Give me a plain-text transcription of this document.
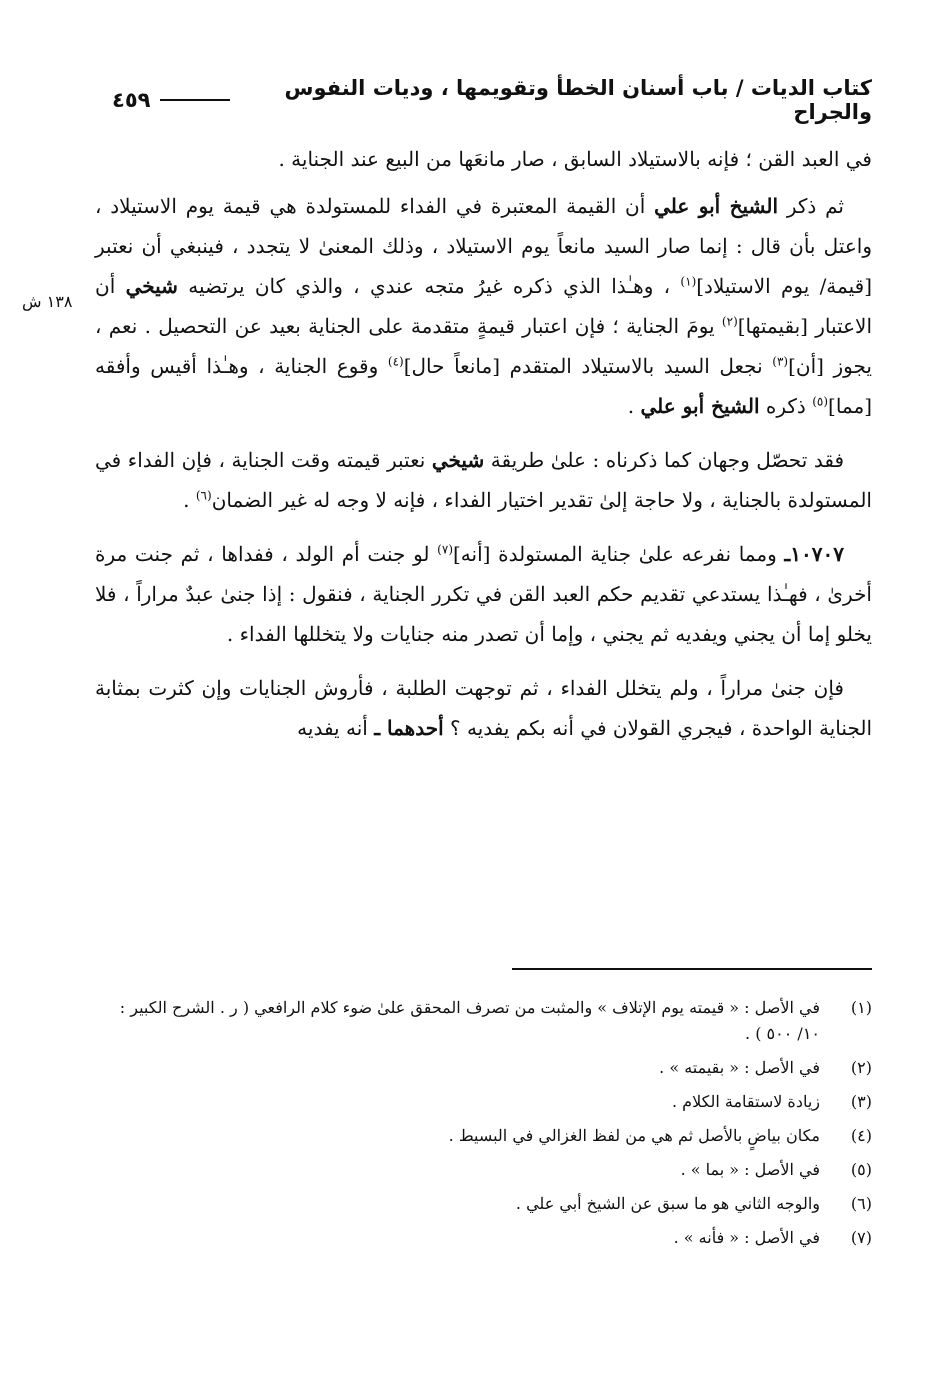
كتاب الديات / باب أسنان الخطأ وتقويمها ، وديات النفوس والجراح
٤٥٩
في العبد القن ؛ فإنه بالاستيلاد السابق ، صار مانعَها من البيع عند الجناية .
١٣٨ ش

ثم ذكر الشيخ أبو علي أن القيمة المعتبرة في الفداء للمستولدة هي قيمة يوم الاستيلاد ، واعتل بأن قال : إنما صار السيد مانعاً يوم الاستيلاد ، وذلك المعنىٰ لا يتجدد ، فينبغي أن نعتبر [قيمة/ يوم الاستيلاد]$^{(١)}$ ، وهـٰذا الذي ذكره غيرُ متجه عندي ، والذي كان يرتضيه شيخي أن الاعتبار [بقيمتها]$^{(٢)}$ يومَ الجناية ؛ فإن اعتبار قيمةٍ متقدمة على الجناية بعيد عن التحصيل . نعم ، يجوز [أن]$^{(٣)}$ نجعل السيد بالاستيلاد المتقدم [مانعاً حال]$^{(٤)}$ وقوع الجناية ، وهـٰذا أقيس وأفقه [مما]$^{(٥)}$ ذكره الشيخ أبو علي .

فقد تحصّل وجهان كما ذكرناه : علىٰ طريقة شيخي نعتبر قيمته وقت الجناية ، فإن الفداء في المستولدة بالجناية ، ولا حاجة إلىٰ تقدير اختيار الفداء ، فإنه لا وجه له غير الضمان$^{(٦)}$ .

١٠٧٠٧ـ ومما نفرعه علىٰ جناية المستولدة [أنه]$^{(٧)}$ لو جنت أم الولد ، ففداها ، ثم جنت مرة أخرىٰ ، فهـٰذا يستدعي تقديم حكم العبد القن في تكرر الجناية ، فنقول : إذا جنىٰ عبدٌ مراراً ، فلا يخلو إما أن يجني ويفديه ثم يجني ، وإما أن تصدر منه جنايات ولا يتخللها الفداء .

فإن جنىٰ مراراً ، ولم يتخلل الفداء ، ثم توجهت الطلبة ، فأروش الجنايات وإن كثرت بمثابة الجناية الواحدة ، فيجري القولان في أنه بكم يفديه ؟ أحدهما ـ أنه يفديه

(١)
في الأصل : « قيمته يوم الإتلاف » والمثبت من تصرف المحقق علىٰ ضوء كلام الرافعي ( ر . الشرح الكبير : ١٠/ ٥٠٠ ) .
(٢)
في الأصل : « بقيمته » .
(٣)
زيادة لاستقامة الكلام .
(٤)
مكان بياضٍ بالأصل ثم هي من لفظ الغزالي في البسيط .
(٥)
في الأصل : « بما » .
(٦)
والوجه الثاني هو ما سبق عن الشيخ أبي علي .
(٧)
في الأصل : « فأنه » .
